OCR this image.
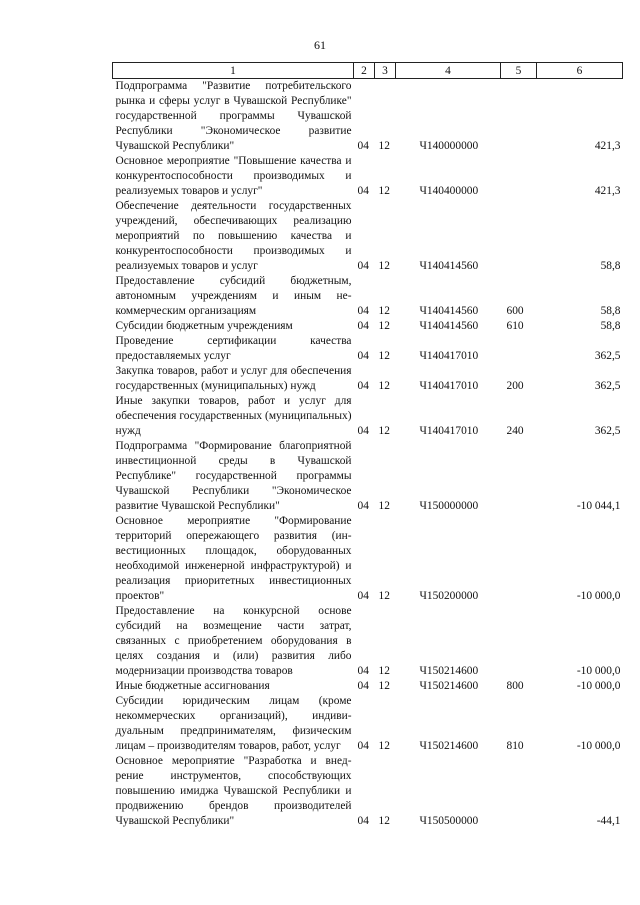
61
1	2	3	4	5	6
Подпрограмма "Развитие потребительского рынка и сферы услуг в Чувашской Республике" государственной программы Чувашской Республики "Экономическое развитие Чувашской Республики"	04	12	Ч140000000		421,3
Основное мероприятие "Повышение качества и конкурентоспособности производимых и реализуемых товаров и услуг"	04	12	Ч140400000		421,3
Обеспечение деятельности государственных учреждений, обеспечивающих реализацию мероприятий по повышению качества и конкурентоспособности производимых и реализуемых товаров и услуг	04	12	Ч140414560		58,8
Предоставление субсидий бюджетным, автономным учреждениям и иным некоммерческим организациям	04	12	Ч140414560	600	58,8
Субсидии бюджетным учреждениям	04	12	Ч140414560	610	58,8
Проведение сертификации качества предоставляемых услуг	04	12	Ч140417010		362,5
Закупка товаров, работ и услуг для обеспечения государственных (муниципальных) нужд	04	12	Ч140417010	200	362,5
Иные закупки товаров, работ и услуг для обеспечения государственных (муниципальных) нужд	04	12	Ч140417010	240	362,5
Подпрограмма "Формирование благоприятной инвестиционной среды в Чувашской Республике" государственной программы Чувашской Республики "Экономическое развитие Чувашской Республики"	04	12	Ч150000000		-10 044,1
Основное мероприятие "Формирование территорий опережающего развития (инвестиционных площадок, оборудованных необходимой инженерной инфраструктурой) и реализация приоритетных инвестиционных проектов"	04	12	Ч150200000		-10 000,0
Предоставление на конкурсной основе субсидий на возмещение части затрат, связанных с приобретением оборудования в целях создания и (или) развития либо модернизации производства товаров	04	12	Ч150214600		-10 000,0
Иные бюджетные ассигнования	04	12	Ч150214600	800	-10 000,0
Субсидии юридическим лицам (кроме некоммерческих организаций), индивидуальным предпринимателям, физическим лицам – производителям товаров, работ, услуг	04	12	Ч150214600	810	-10 000,0
Основное мероприятие "Разработка и внедрение инструментов, способствующих повышению имиджа Чувашской Республики и продвижению брендов производителей Чувашской Республики"	04	12	Ч150500000		-44,1
